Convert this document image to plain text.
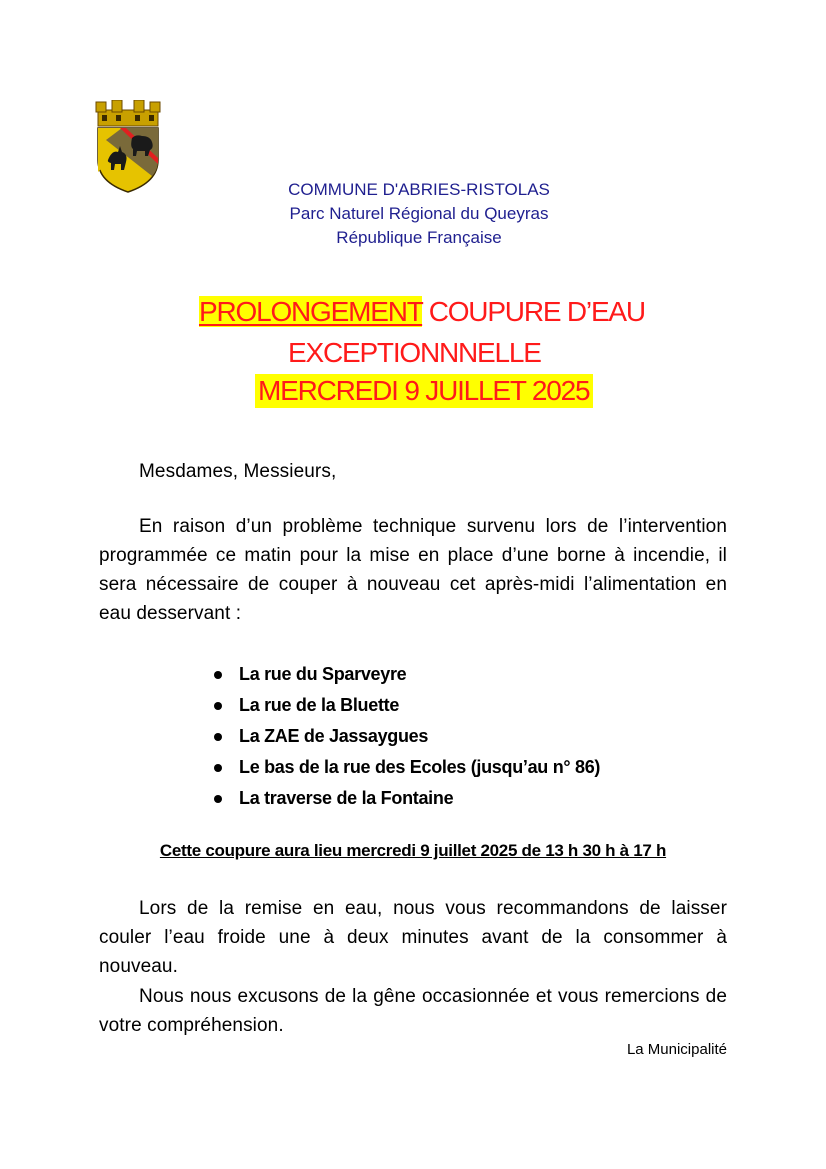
COMMUNE D'ABRIES-RISTOLAS
Parc Naturel Régional du Queyras
République Française
PROLONGEMENT COUPURE D’EAU
EXCEPTIONNNELLE
MERCREDI 9 JUILLET 2025
Mesdames, Messieurs,
En raison d’un problème technique survenu lors de l’intervention programmée ce matin pour la mise en place d’une borne à incendie, il sera nécessaire de couper à nouveau cet après-midi l’alimentation en eau desservant :
La rue du Sparveyre
La rue de la Bluette
La ZAE de Jassaygues
Le bas de la rue des Ecoles (jusqu’au n° 86)
La traverse de la Fontaine
Cette coupure aura lieu mercredi 9 juillet 2025 de 13 h 30 h à 17 h
Lors de la remise en eau, nous vous recommandons de laisser couler l’eau froide une à deux minutes avant de la consommer à nouveau.
Nous nous excusons de la gêne occasionnée et vous remercions de votre compréhension.
La Municipalité
